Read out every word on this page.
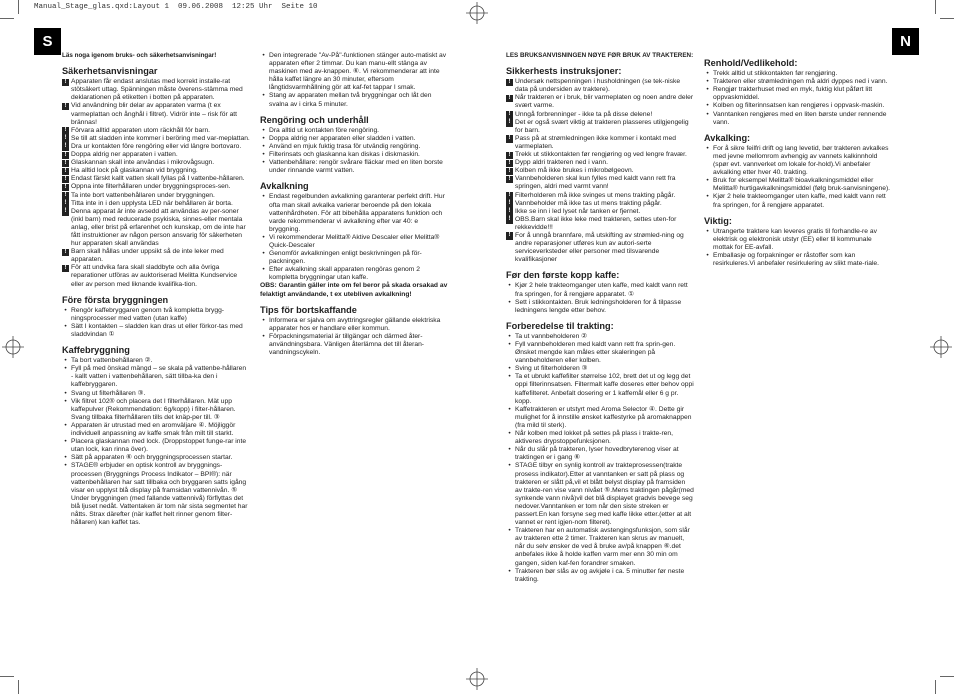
Manual_Stage_glas.qxd:Layout 1  09.06.2008  12:25 Uhr  Seite 10
S	N

Läs noga igenom bruks- och säkerhetsanvisningar!

Säkerhetsanvisningar
! Apparaten får endast anslutas med korrekt installe-rat stötsäkert uttag. Spänningen måste överens-stämma med deklarationen på etiketten i botten på apparaten.
! Vid användning blir delar av apparaten varma (t ex varmeplattan och ånghål i filtret). Vidrör inte – risk för att brännas!
! Förvara alltid apparaten utom räckhåll för barn.
! Se till att sladden inte kommer i beröring med var-meplattan.
! Dra ur kontakten före rengöring eller vid längre bortovaro.
! Doppa aldrig ner apparaten i vatten.
! Glaskannan skall inte användas i mikrovågsugn.
! Ha alltid lock på glaskannan vid bryggning.
! Endast färskt kallt vatten skall fyllas på I vattenbe-hållaren.
! Oppna inte filterhållaren under bryggningsproces-sen.
! Ta inte bort vattenbehållaren under bryggningen.
! Titta inte in i den upplysta LED när behållaren är borta.
! Denna apparat är inte avsedd att användas av per-soner (inkl barn) med reducerade psykiska, sinnes-eller mentala anlag, eller brist på erfarenhet och kunskap, om de inte har fått instruktioner av någon person ansvarig för säkerheten hur apparaten skall användas
! Barn skall hållas under uppsikt så de inte leker med apparaten.
! För att undvika fara skall sladdbyte och alla övriga reparationer utföras av auktoriserad Melitta Kundservice eller av person med liknande kvalifika-tion.
Före första bryggningen
• Rengör kaffebryggaren genom två kompletta brygg-ningsprocesser med vatten (utan kaffe)
• Sätt I kontakten – sladden kan dras ut eller förkor-tas med sladdvindan ①
Kaffebryggning
• Ta bort vattenbehållaren ②.
• Fyll på med önskad mängd – se skala på vattenbe-hållaren - kallt vatten i vattenbehållaren, sätt tillba-ka den i kaffebryggaren.
• Svang ut filterhållaren ③.
• Vik filtret 102® och placera det I filterhållaren. Mät upp kaffepulver (Rekommendation: 6g/kopp) i filter-hållaren. Svang tillbaka filterhållaren tills det knäp-per till. ③
• Apparaten är utrustad med en aromväljare ④. Möjliggör individuell anpassning av kaffe smak från milt till starkt.
• Placera glaskannan med lock. (Droppstoppet funge-rar inte utan lock, kan rinna över).
• Sätt på apparaten ⑥ och bryggningsprocessen startar.
• STAGE® erbjuder en optisk kontroll av bryggnings-processen (Bryggnings Process Indikator – BPI®): när vattenbehållaren har satt tillbaka och bryggaren satts igång visar en upplyst blå display på framsidan vattennivån. ⑤ Under bryggningen (med fallande vattennivå) förflyttas det blå ljuset nedåt. Vattentaken är tom när sista segmentet har nåtts. Strax därefter (när kaffet helt rinner genom filter-hållaren) kan kaffet tas.
• Den integrerade "Av-På"-funktionen stänger auto-matiskt av apparaten efter 2 timmar. Du kan manu-ellt stänga av maskinen med av-knappen. ⑥. Vi rekommenderar att inte hålla kaffet längre an 30 minuter, eftersom långtidsvarmhållning gör att kaf-fet tappar I smak.
• Stang av apparaten mellan två bryggningar och låt den svalna av i cirka 5 minuter.
Rengöring och underhåll
• Dra alltid ut kontakten före rengöring.
• Doppa aldrig ner apparaten eller sladden i vatten.
• Använd en mjuk fuktig trasa för utvändig rengöring.
• Filterinsats och glaskanna kan diskas i diskmaskin.
• Vattenbehållare: rengör svårare fläckar med en liten borste under rinnande varmt vatten.
Avkalkning
• Endast regelbunden avkalkning garanterar perfekt drift. Hur ofta man skall avkalka varierar beroende på den lokala vattenhårdheten. För att bibehålla apparatens funktion och varde rekommenderar vi avkalkning efter var 40: e bryggning.
• Vi rekommenderar Melitta® Aktive Descaler eller Melitta® Quick-Descaler
• Genomför avkalkningen enligt beskrivningen på för-packningen.
• Efter avkalkning skall apparaten rengöras genom 2 kompletta bryggningar utan kaffe.

OBS: Garantin gäller inte om fel beror på skada orsakad av felaktigt användande, t ex utebliven avkalkning!

Tips för bortskaffande
• Informera er sjalva om avyttringsregler gällande elektriska apparater hos er handlare eller kommun.
• Förpackningsmaterial är tillgängar och därmed åter-användningsbara. Vänligen återlämna det till återan-vandningscykeln.

LES BRUKSANVISNINGEN NØYE FØR BRUK AV TRAKTEREN:

Sikkerhests instruksjoner:
! Undersøk nettspenningen i husholdningen (se tek-niske data på undersiden av traktere).
! Når trakteren er i bruk, blir varmeplaten og noen andre deler svært varme.
! Unngå forbrenninger - ikke ta på disse delene!
! Det er også svært viktig at trakteren plasseres utilgjengelig for barn.
! Pass på at strømledningen ikke kommer i kontakt med varmeplaten.
! Trekk ut stikkontakten før rengjøring og ved lengre fravær.
! Dypp aldri trakteren ned i vann.
! Kolben må ikke brukes i mikrobølgeovn.
! Vannbeholderen skal kun fylles med kaldt vann rett fra springen, aldri med varmt vann!
! Filterholderen må ikke svinges ut mens trakting pågår.
! Vannbeholder må ikke tas ut mens trakting pågår.
! Ikke se inn i led lyset når tanken er fjernet.
! OBS.Barn skal ikke leke med trakteren, settes uten-for rekkevidde!!!
! For å unngå brannfare, må utskifting av strømled-ning og andre reparasjoner utføres kun av autori-serte serviceverksteder eller personer med tilsvarende kvalifikasjoner
Før den første kopp kaffe:
• Kjør 2 hele trakteomganger uten kaffe, med kaldt vann rett fra springen, for å rengjøre apparatet. ①
• Sett i stikkontakten. Bruk ledningsholderen for å tilpasse ledningens lengde etter behov.
Forberedelse til trakting:
• Ta ut vannbeholderen ②
• Fyll vannbeholderen med kaldt vann rett fra sprin-gen. Ønsket mengde kan måles etter skaleringen på vannbeholderen eller kolben.
• Sving ut filterholderen ③
• Ta et ubrukt kaffefilter størrelse 102, brett det ut og legg det oppi filterinnsatsen. Filtermalt kaffe doseres etter behov oppi kaffefilteret. Anbefalt dosering er 1 kaffemål eller 6 g pr. kopp.
• Kaffetrakteren er utstyrt med Aroma Selector ④. Dette gir mulighet for å innstille ønsket kaffestyrke på aromaknappen (fra mild til sterk).
• Når kolben med lokket på settes på plass i trakte-ren, aktiveres drypstoppefunksjonen.
• Når du slår på trakteren, lyser hovedbryterenog viser at traktingen er i gang ⑥
• STAGE tilbyr en synlig kontroll av trakteprosessen(trakte prosess indikator).Etter at vanntanken er satt på plass og trakteren er slått på,vil et blått belyst display på framsiden av trakte-ren vise vann nivået ⑤.Mens traktingen pågår(med synkende vann nivå)vil det blå displayet gradvis bevege seg nedover.Vanntanken er tom når den siste streken er passert.En kan forsyne seg med kaffe likke etter.(etter at alt vannet er rent igjen-nom filteret).
• Trakteren har en automatisk avstengingsfunksjon, som slår av trakteren ette 2 timer. Trakteren kan skrus av manuelt, når du selv ønsker de ved å bruke av/på knappen ⑥.det anbefales ikke å holde kaffen varm mer enn 30 min om gangen, siden kaf-fen forandrer smaken.
• Trakteren bør slås av og avkjøle i ca. 5 minutter før neste trakting.
Renhold/Vedlikehold:
• Trekk alltid ut stikkontakten før rengjøring.
• Trakteren eller strømledningen må aldri dyppes ned i vann.
• Rengjør trakterhuset med en myk, fuktig klut påført litt oppvaskmiddel.
• Kolben og filterinnsatsen kan rengjøres i oppvask-maskin.
• Vanntanken rengjøres med en liten børste under rennende vann.
Avkalking:
• For å sikre feilfri drift og lang levetid, bør trakteren avkalkes med jevne mellomrom avhengig av vannets kalkinnhold (spør evt. vannverket om lokale for-hold).Vi anbefaler avkalking etter hver 40. trakting.
• Bruk for eksempel Melitta® bioavkalkningsmiddel eller Melitta® hurtigavkalkningsmiddel (følg bruk-sanvisningene).
• Kjør 2 hele trakteomganger uten kaffe, med kaldt vann rett fra springen, for å rengjøre apparatet.
Viktig:
• Utrangerte traktere kan leveres gratis til forhandle-re av elektrisk og elektronisk utstyr (EE) eller til kommunale mottak for EE-avfall.
• Emballasje og forpakninger er råstoffer som kan resirkuleres.Vi anbefaler resirkulering av slikt mate-riale.
